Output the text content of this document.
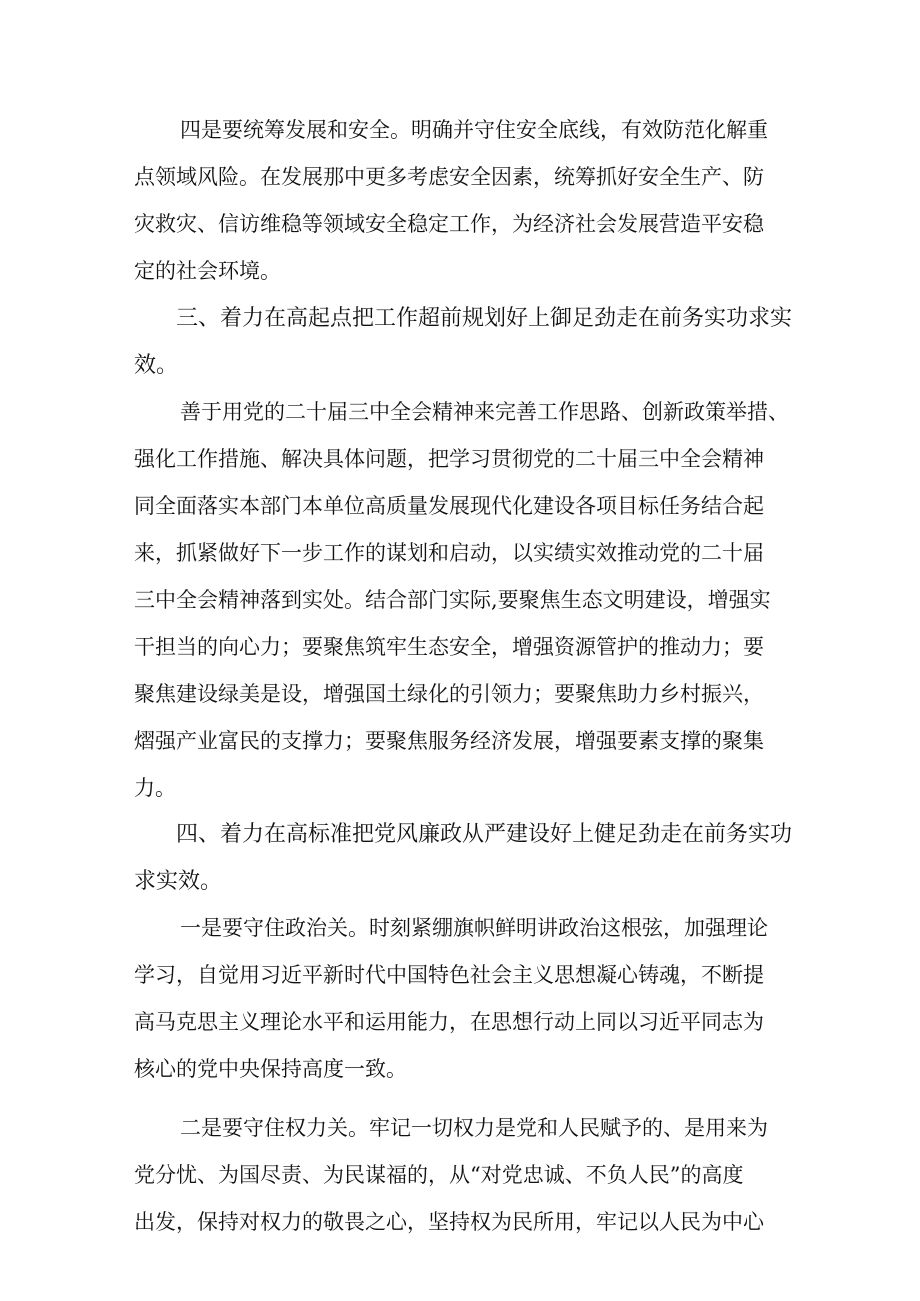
四是要统筹发展和安全。明确并守住安全底线，有效防范化解重

点领域风险。在发展那中更多考虑安全因素，统筹抓好安全生产、防

灾救灾、信访维稳等领域安全稳定工作，为经济社会发展营造平安稳

定的社会环境。

三、着力在高起点把工作超前规划好上御足劲走在前务实功求实

效。

善于用党的二十届三中全会精神来完善工作思路、创新政策举措、

强化工作措施、解决具体问题，把学习贯彻党的二十届三中全会精神

同全面落实本部门本单位高质量发展现代化建设各项目标任务结合起

来，抓紧做好下一步工作的谋划和启动，以实绩实效推动党的二十届

三中全会精神落到实处。结合部门实际,要聚焦生态文明建设，增强实

干担当的向心力；要聚焦筑牢生态安全，增强资源管护的推动力；要

聚焦建设绿美是设，增强国土绿化的引领力；要聚焦助力乡村振兴，

熠强产业富民的支撑力；要聚焦服务经济发展，增强要素支撑的聚集

力。

四、着力在高标准把党风廉政从严建设好上健足劲走在前务实功

求实效。

一是要守住政治关。时刻紧绷旗帜鲜明讲政治这根弦，加强理论

学习，自觉用习近平新时代中国特色社会主义思想凝心铸魂，不断提

高马克思主义理论水平和运用能力，在思想行动上同以习近平同志为

核心的党中央保持高度一致。

二是要守住权力关。牢记一切权力是党和人民赋予的、是用来为

党分忧、为国尽责、为民谋福的，从“对党忠诚、不负人民”的高度

出发，保持对权力的敬畏之心，坚持权为民所用，牢记以人民为中心
